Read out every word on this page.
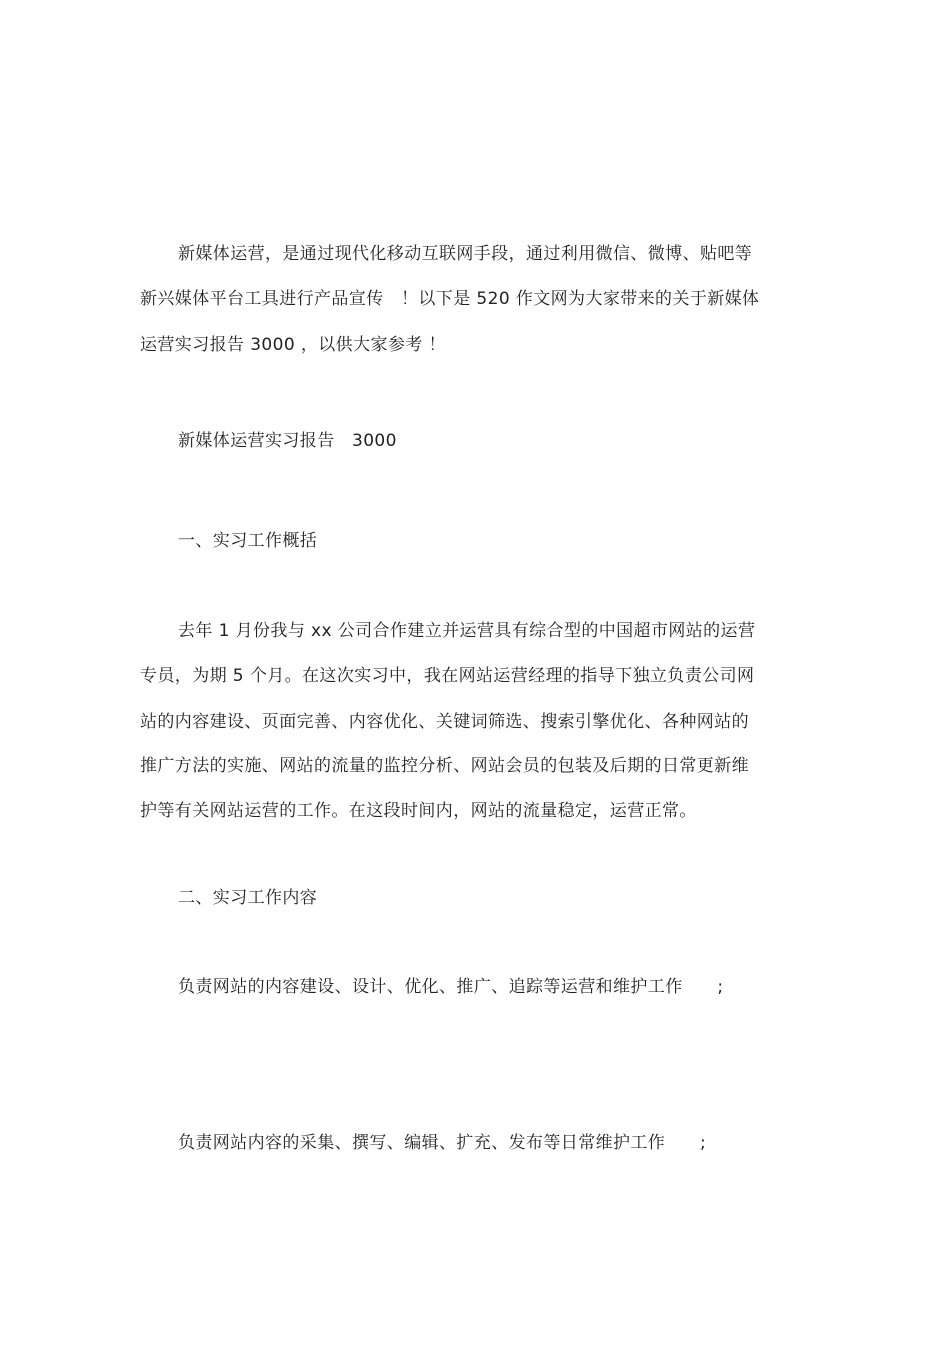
新媒体运营，是通过现代化移动互联网手段，通过利用微信、微博、贴吧等
新兴媒体平台工具进行产品宣传　！以下是 520 作文网为大家带来的关于新媒体
运营实习报告 3000 ，以供大家参考 ！
新媒体运营实习报告　3000
一、实习工作概括
去年 1 月份我与 xx 公司合作建立并运营具有综合型的中国超市网站的运营
专员，为期 5 个月。在这次实习中，我在网站运营经理的指导下独立负责公司网
站的内容建设、页面完善、内容优化、关键词筛选、搜索引擎优化、各种网站的
推广方法的实施、网站的流量的监控分析、网站会员的包装及后期的日常更新维
护等有关网站运营的工作。在这段时间内，网站的流量稳定，运营正常。
二、实习工作内容
负责网站的内容建设、设计、优化、推广、追踪等运营和维护工作　　;
负责网站内容的采集、撰写、编辑、扩充、发布等日常维护工作　　;
